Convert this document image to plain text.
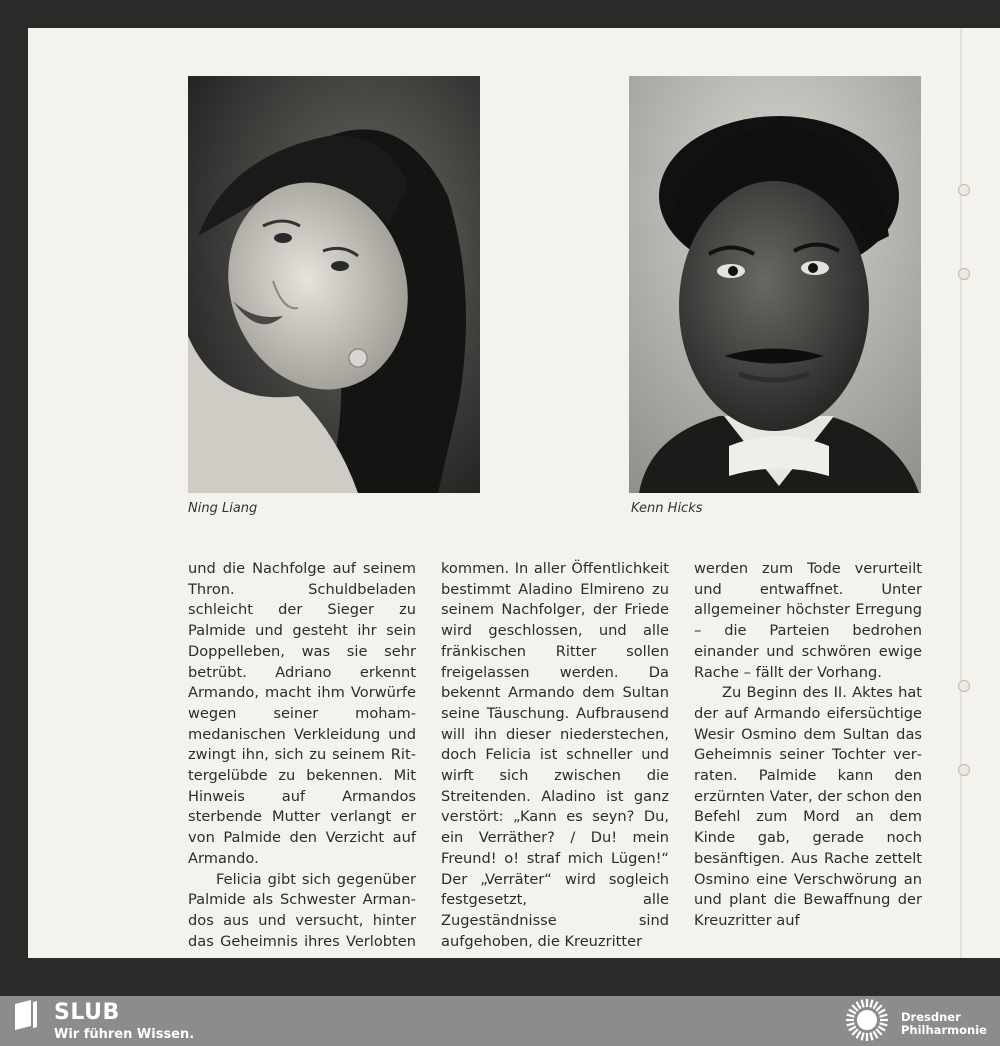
Ning Liang	Kenn Hicks

und die Nachfolge auf seinem Thron. Schuldbeladen schleicht der Sieger zu Palmide und gesteht ihr sein Doppelleben, was sie sehr betrübt. Adriano erkennt Armando, macht ihm Vorwürfe wegen seiner mohammedanischen Verkleidung und zwingt ihn, sich zu seinem Rittergelübde zu bekennen. Mit Hinweis auf Armandos sterbende Mutter verlangt er von Palmide den Verzicht auf Armando.

Felicia gibt sich gegenüber Palmide als Schwester Armandos aus und versucht, hinter das Geheimnis ihres Verlobten zu

kommen. In aller Öffentlichkeit bestimmt Aladino Elmireno zu seinem Nachfolger, der Friede wird geschlossen, und alle fränkischen Ritter sollen freigelassen werden. Da bekennt Armando dem Sultan seine Täuschung. Aufbrausend will ihn dieser niederstechen, doch Felicia ist schneller und wirft sich zwischen die Streitenden. Aladino ist ganz verstört: „Kann es seyn? Du, ein Verräther? / Du! mein Freund! o! straf mich Lügen!“ Der „Verräter“ wird sogleich festgesetzt, alle Zugeständnisse sind aufgehoben, die Kreuzritter

werden zum Tode verurteilt und entwaffnet. Unter allgemeiner höchster Erregung – die Parteien bedrohen einander und schwören ewige Rache – fällt der Vorhang.

Zu Beginn des II. Aktes hat der auf Armando eifersüchtige Wesir Osmino dem Sultan das Geheimnis seiner Tochter verraten. Palmide kann den erzürnten Vater, der schon den Befehl zum Mord an dem Kinde gab, gerade noch besänftigen. Aus Rache zettelt Osmino eine Verschwörung an und plant die Bewaffnung der Kreuzritter auf

SLUB
Wir führen Wissen.
Dresdner
Philharmonie
